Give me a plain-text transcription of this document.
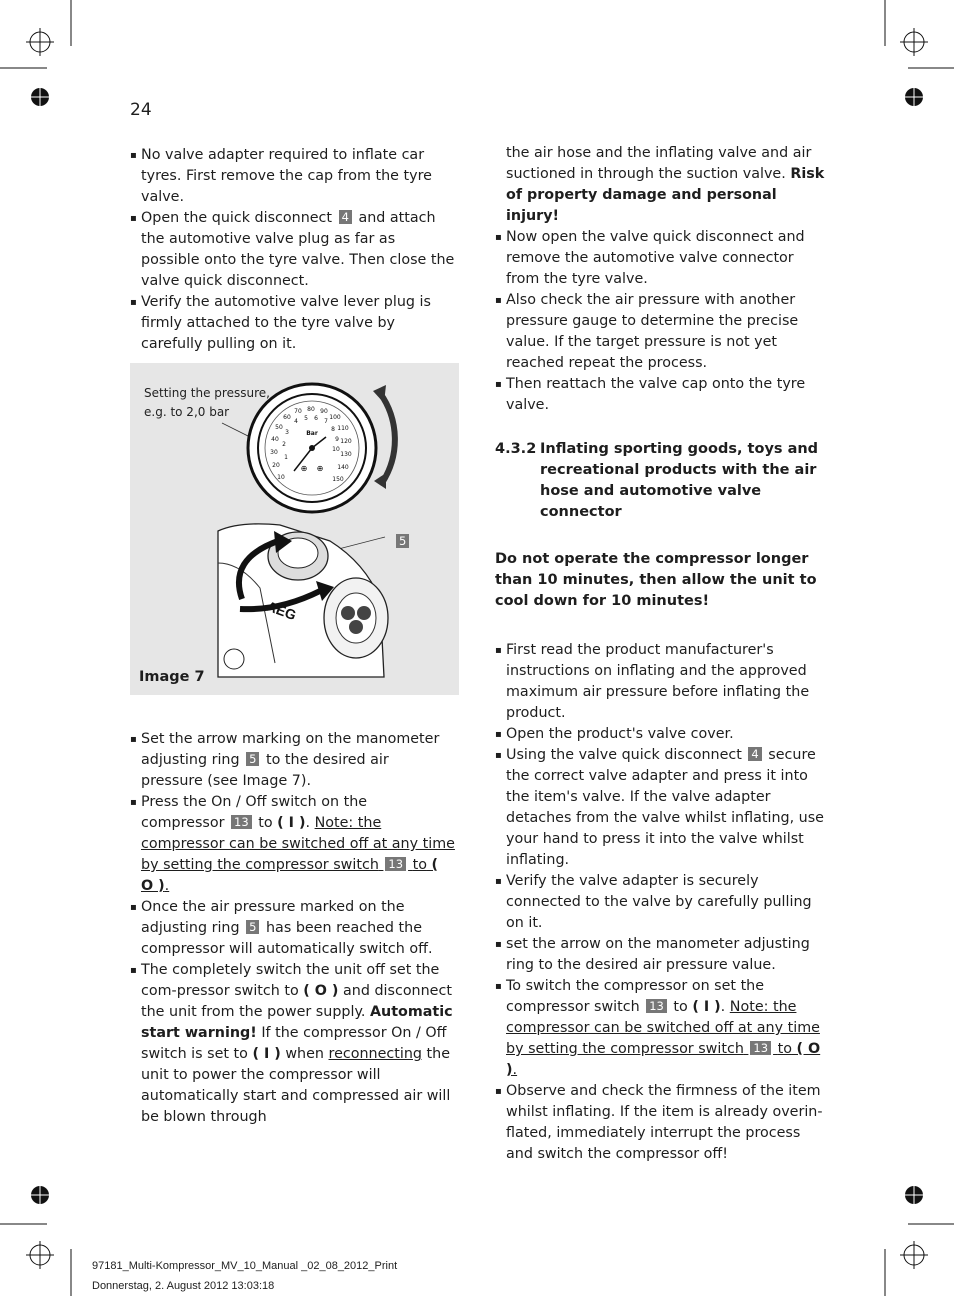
24

▪ No valve adapter required to inflate car tyres. First remove the cap from the tyre valve.

▪ Open the quick disconnect 4 and attach the automotive valve plug as far as possible onto the tyre valve. Then close the valve quick disconnect.

▪ Verify the automotive valve lever plug is firmly attached to the tyre valve by carefully pulling on it.

Setting the pressure,
e.g. to 2,0 bar
AEG
60
70 80 90
100
110
120
130
140
150
50
40
30
20
10
4 5 6 7
8
9
10
3
2
1
Bar
⊕ ⊕
5
Image 7

▪ Set the arrow marking on the manometer adjusting ring 5 to the desired air pressure (see Image 7).

▪ Press the On / Off switch on the compressor 13 to ( I ). Note: the compressor can be switched off at any time by setting the compressor switch 13 to ( O ).

▪ Once the air pressure marked on the adjusting ring 5 has been reached the compressor will automatically switch off.

▪ The completely switch the unit off set the com-pressor switch to ( O ) and disconnect the unit from the power supply. Automatic start warning! If the compressor On / Off switch is set to ( I ) when reconnecting the unit to power the compressor will automatically start and compressed air will be blown through

the air hose and the inflating valve and air suctioned in through the suction valve. Risk of property damage and personal injury!

▪ Now open the valve quick disconnect and remove the automotive valve connector from the tyre valve.

▪ Also check the air pressure with another pressure gauge to determine the precise value. If the target pressure is not yet reached repeat the process.

▪ Then reattach the valve cap onto the tyre valve.

4.3.2 Inflating sporting goods, toys and recreational products with the air hose and automotive valve connector
Do not operate the compressor longer than 10 minutes, then allow the unit to cool down for 10 minutes!

▪ First read the product manufacturer's instructions on inflating and the approved maximum air pressure before inflating the product.

▪ Open the product's valve cover.

▪ Using the valve quick disconnect 4 secure the correct valve adapter and press it into the item's valve. If the valve adapter detaches from the valve whilst inflating, use your hand to press it into the valve whilst inflating.

▪ Verify the valve adapter is securely connected to the valve by carefully pulling on it.

▪ set the arrow on the manometer adjusting ring to the desired air pressure value.

▪ To switch the compressor on set the compressor switch 13 to ( I ). Note: the compressor can be switched off at any time by setting the compressor switch 13 to ( O ).

▪ Observe and check the firmness of the item whilst inflating. If the item is already overin-flated, immediately interrupt the process and switch the compressor off!

97181_Multi-Kompressor_MV_10_Manual _02_08_2012_Print
Donnerstag, 2. August 2012 13:03:18
